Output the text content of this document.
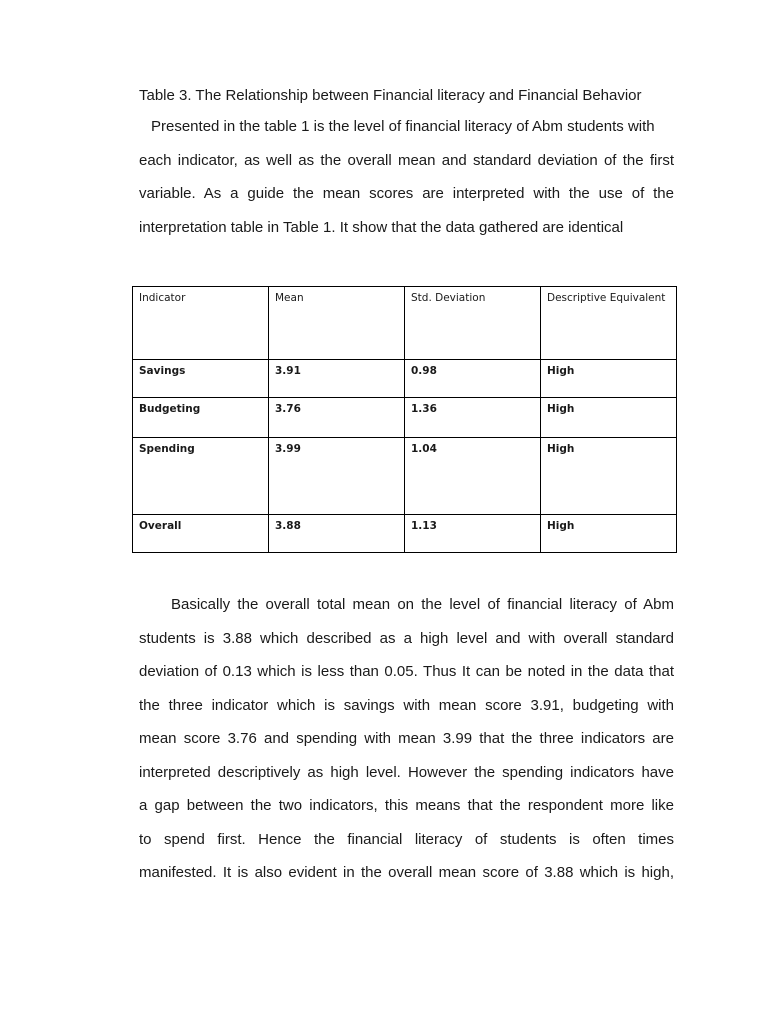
Table 3. The Relationship between Financial literacy and Financial Behavior
Presented in the table 1 is the level of financial literacy of Abm students with
each indicator, as well as the overall mean and standard deviation of the first
variable. As a guide the mean scores are interpreted with the use of the
interpretation table in Table 1. It show that the data gathered are identical
Indicator	Mean	Std. Deviation	Descriptive Equivalent
Savings	3.91	0.98	High
Budgeting	3.76	1.36	High
Spending	3.99	1.04	High
Overall	3.88	1.13	High
Basically the overall total mean on the level of financial literacy of Abm
students is 3.88 which described as a high level and with overall standard
deviation of 0.13 which is less than 0.05. Thus It can be noted in the data that
the three indicator which is savings with mean score 3.91, budgeting with
mean score 3.76 and spending with mean 3.99 that the three indicators are
interpreted descriptively as high level. However the spending indicators have
a gap between the two indicators, this means that the respondent more like
to spend first. Hence the financial literacy of students is often times
manifested. It is also evident in the overall mean score of 3.88 which is high,
